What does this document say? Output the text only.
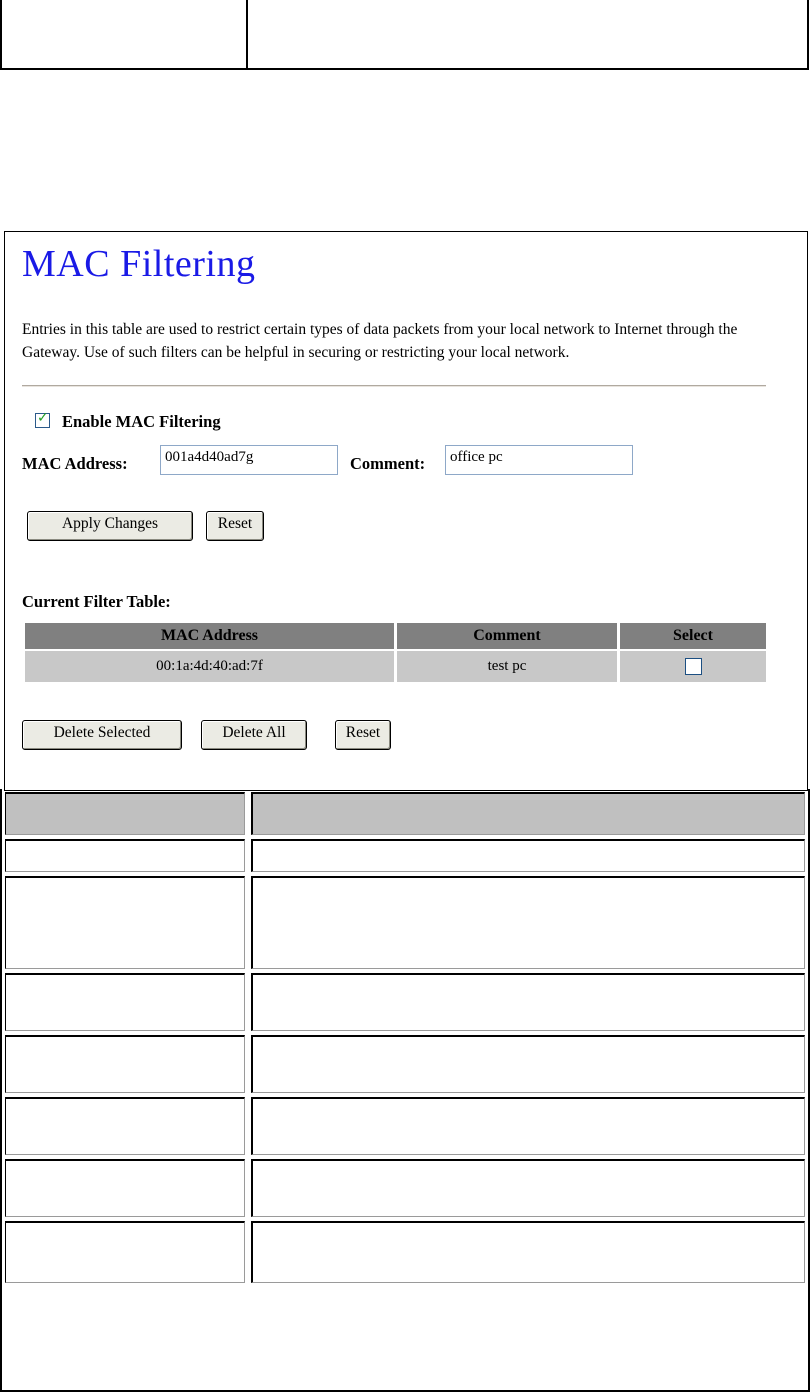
MAC Filtering
Entries in this table are used to restrict certain types of data packets from your local network to Internet through the Gateway. Use of such filters can be helpful in securing or restricting your local network.
✓ Enable MAC Filtering
MAC Address:	001a4d40ad7g	Comment:	office pc
Apply Changes	Reset
Current Filter Table:
MAC Address	Comment	Select
00:1a:4d:40:ad:7f	test pc	
Delete Selected	Delete All	Reset
